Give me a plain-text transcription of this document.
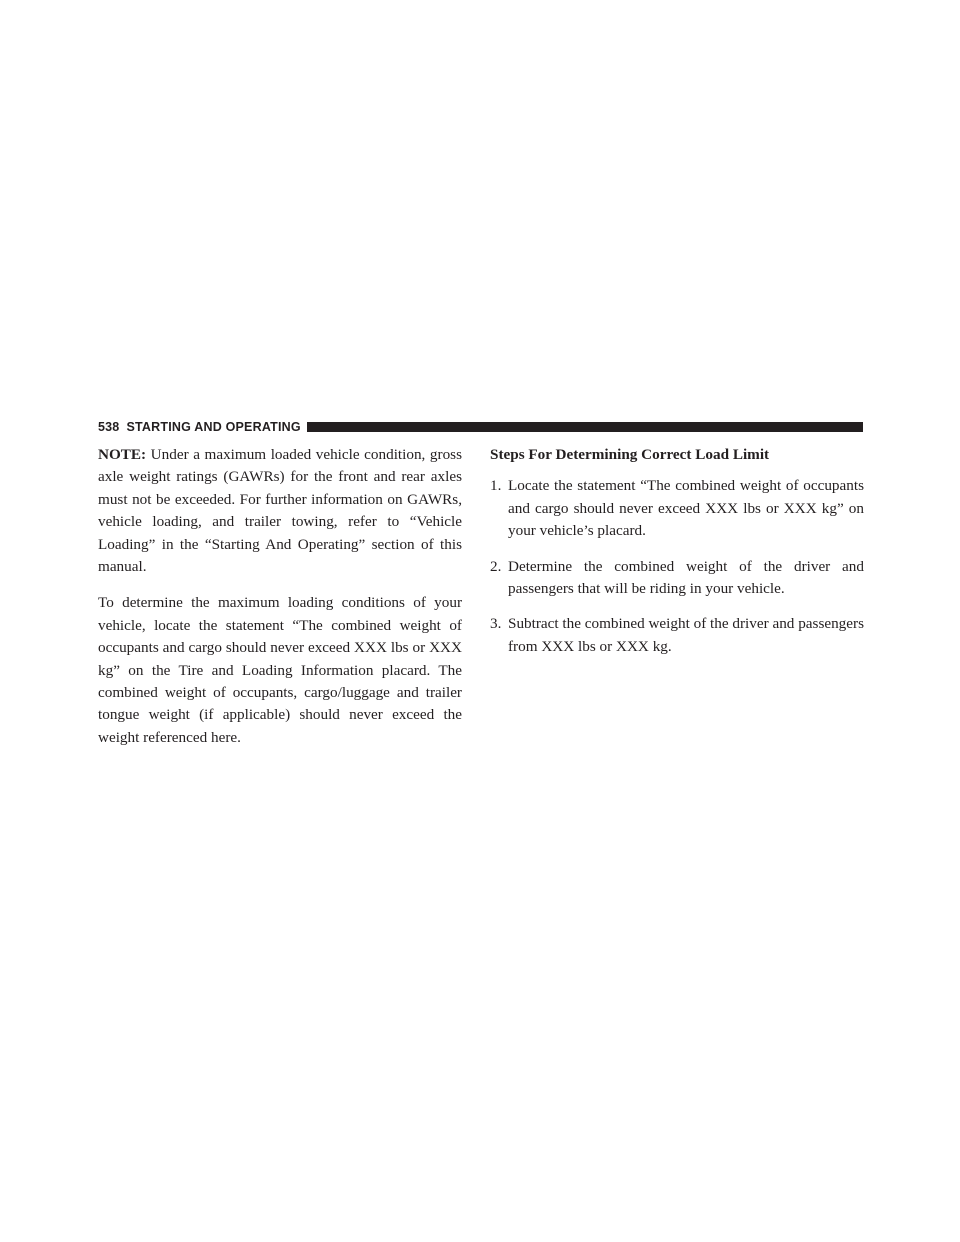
538 STARTING AND OPERATING

NOTE: Under a maximum loaded vehicle condition, gross axle weight ratings (GAWRs) for the front and rear axles must not be exceeded. For further information on GAWRs, vehicle loading, and trailer towing, refer to “Vehicle Loading” in the “Starting And Operating” section of this manual.

To determine the maximum loading conditions of your vehicle, locate the statement “The combined weight of occupants and cargo should never exceed XXX lbs or XXX kg” on the Tire and Loading Information placard. The combined weight of occupants, cargo/luggage and trailer tongue weight (if applicable) should never exceed the weight referenced here.

Steps For Determining Correct Load Limit
1. Locate the statement “The combined weight of occupants and cargo should never exceed XXX lbs or XXX kg” on your vehicle’s placard.
2. Determine the combined weight of the driver and passengers that will be riding in your vehicle.
3. Subtract the combined weight of the driver and passengers from XXX lbs or XXX kg.
